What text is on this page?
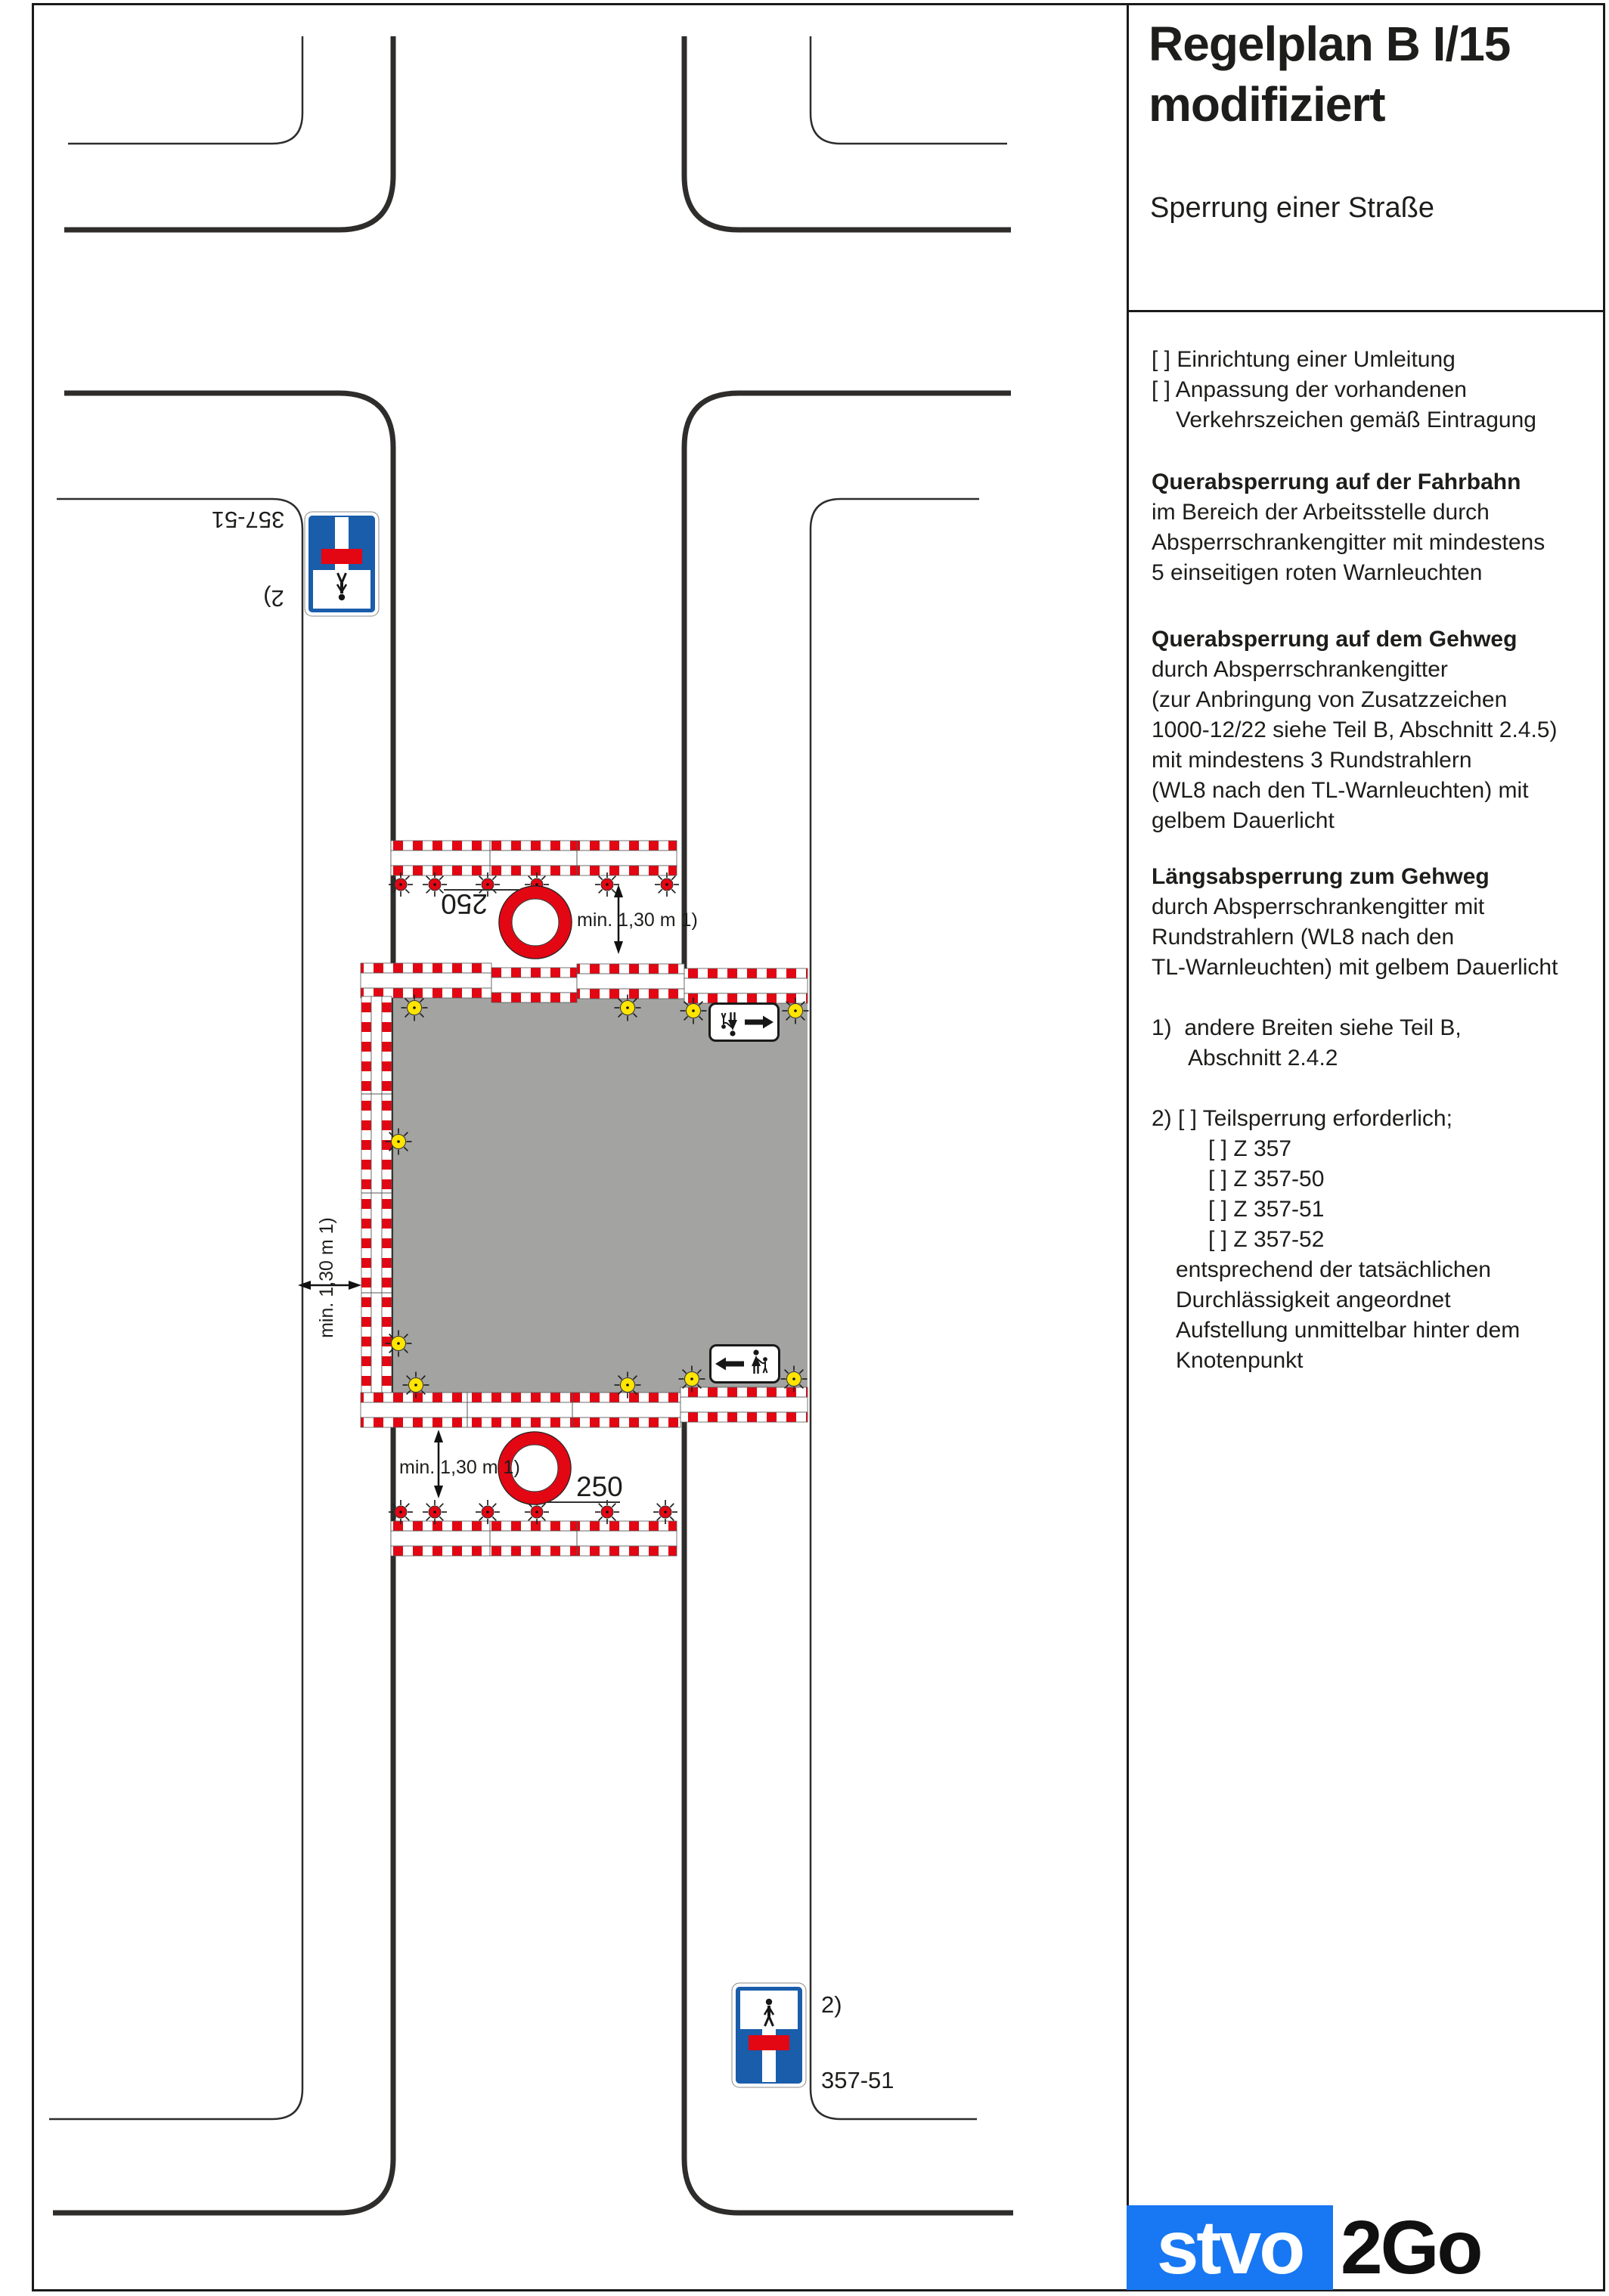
min. 1,30 m 1)
min. 1,30 m 1)
min. 1,30 m 1)
250
250
357-51
2)
2)
357-51
Regelplan B I/15
modifiziert
Sperrung einer Straße
[ ] Einrichtung einer Umleitung
[ ] Anpassung der vorhandenen
Verkehrszeichen gemäß Eintragung
Querabsperrung auf der Fahrbahn
im Bereich der Arbeitsstelle durch
Absperrschrankengitter mit mindestens
5 einseitigen roten Warnleuchten
Querabsperrung auf dem Gehweg
durch Absperrschrankengitter
(zur Anbringung von Zusatzzeichen
1000-12/22 siehe Teil B, Abschnitt 2.4.5)
mit mindestens 3 Rundstrahlern
(WL8 nach den TL-Warnleuchten) mit
gelbem Dauerlicht
Längsabsperrung zum Gehweg
durch Absperrschrankengitter mit
Rundstrahlern (WL8 nach den
TL-Warnleuchten) mit gelbem Dauerlicht
1)  andere Breiten siehe Teil B,
Abschnitt 2.4.2
2) [ ] Teilsperrung erforderlich;
[ ] Z 357
[ ] Z 357-50
[ ] Z 357-51
[ ] Z 357-52
entsprechend der tatsächlichen
Durchlässigkeit angeordnet
Aufstellung unmittelbar hinter dem
Knotenpunkt
stvo 2Go
